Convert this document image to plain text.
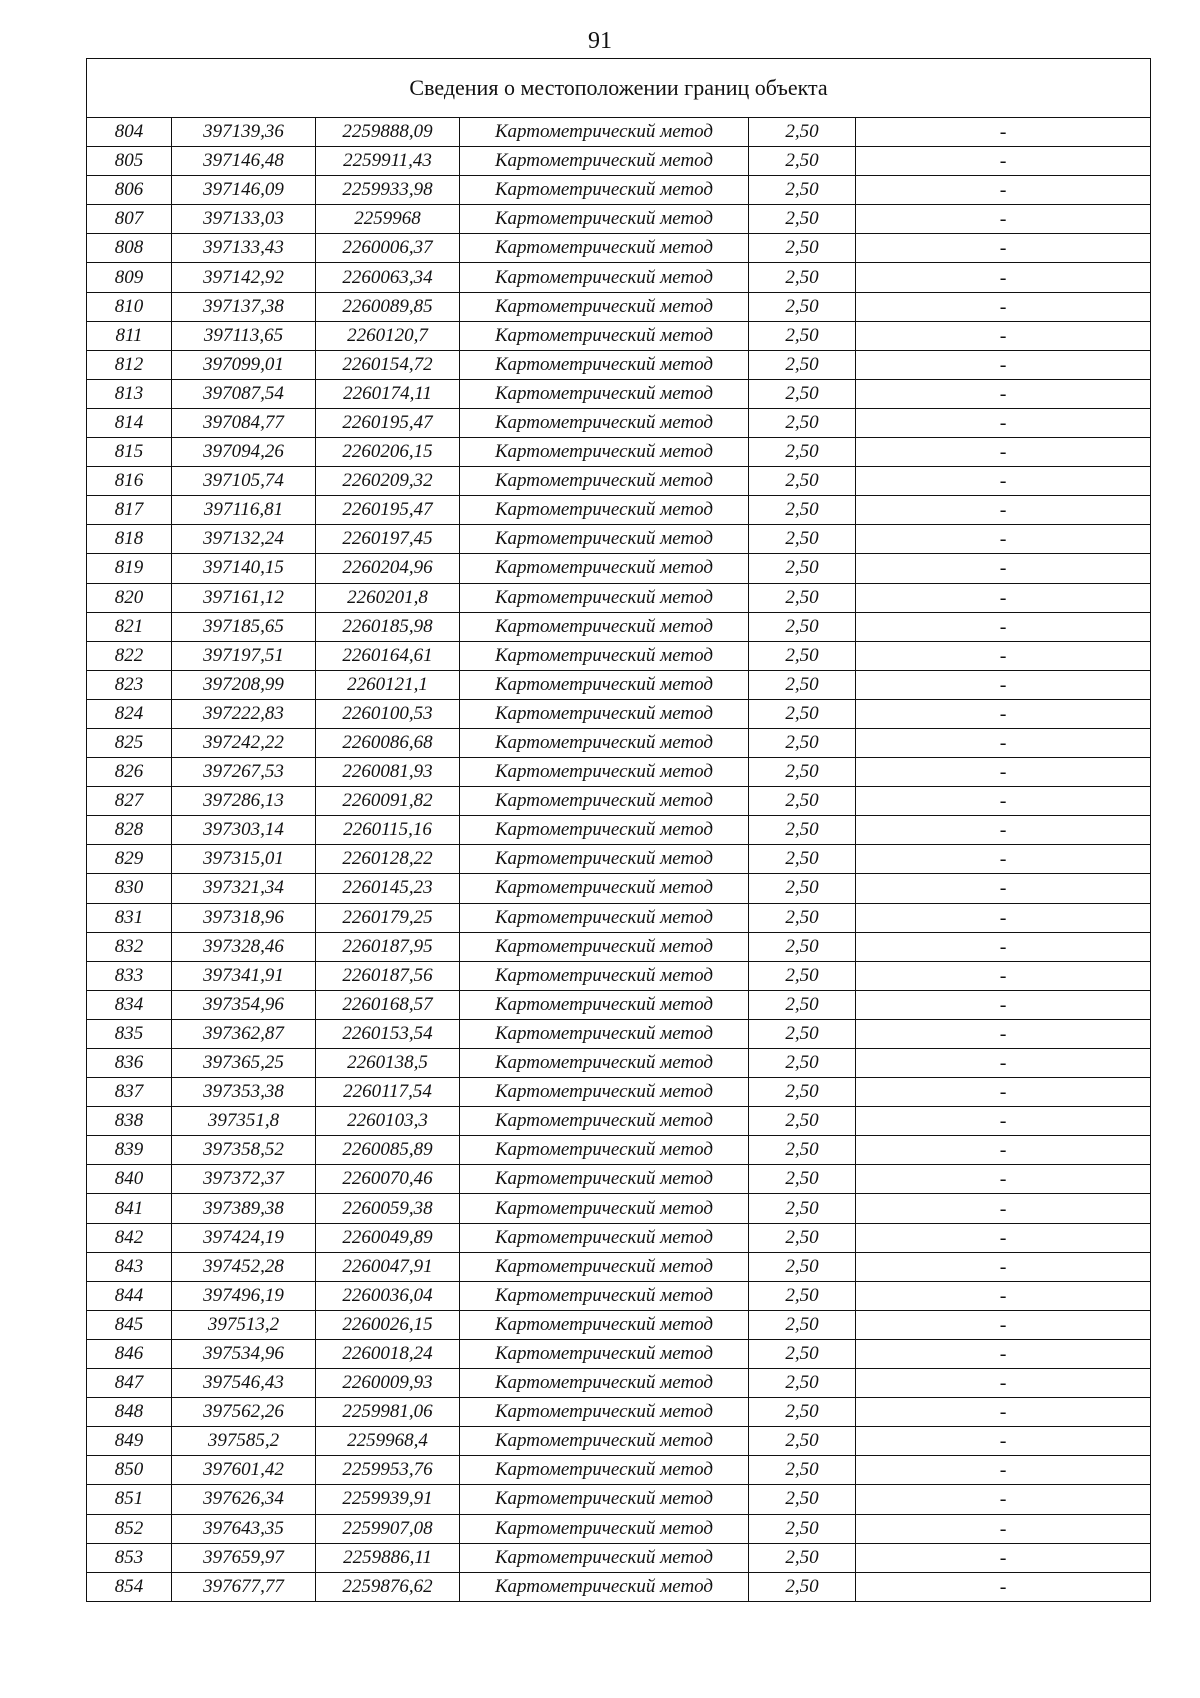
91
Сведения о местоположении границ объекта					
804	397139,36	2259888,09	Картометрический метод	2,50	-
805	397146,48	2259911,43	Картометрический метод	2,50	-
806	397146,09	2259933,98	Картометрический метод	2,50	-
807	397133,03	2259968	Картометрический метод	2,50	-
808	397133,43	2260006,37	Картометрический метод	2,50	-
809	397142,92	2260063,34	Картометрический метод	2,50	-
810	397137,38	2260089,85	Картометрический метод	2,50	-
811	397113,65	2260120,7	Картометрический метод	2,50	-
812	397099,01	2260154,72	Картометрический метод	2,50	-
813	397087,54	2260174,11	Картометрический метод	2,50	-
814	397084,77	2260195,47	Картометрический метод	2,50	-
815	397094,26	2260206,15	Картометрический метод	2,50	-
816	397105,74	2260209,32	Картометрический метод	2,50	-
817	397116,81	2260195,47	Картометрический метод	2,50	-
818	397132,24	2260197,45	Картометрический метод	2,50	-
819	397140,15	2260204,96	Картометрический метод	2,50	-
820	397161,12	2260201,8	Картометрический метод	2,50	-
821	397185,65	2260185,98	Картометрический метод	2,50	-
822	397197,51	2260164,61	Картометрический метод	2,50	-
823	397208,99	2260121,1	Картометрический метод	2,50	-
824	397222,83	2260100,53	Картометрический метод	2,50	-
825	397242,22	2260086,68	Картометрический метод	2,50	-
826	397267,53	2260081,93	Картометрический метод	2,50	-
827	397286,13	2260091,82	Картометрический метод	2,50	-
828	397303,14	2260115,16	Картометрический метод	2,50	-
829	397315,01	2260128,22	Картометрический метод	2,50	-
830	397321,34	2260145,23	Картометрический метод	2,50	-
831	397318,96	2260179,25	Картометрический метод	2,50	-
832	397328,46	2260187,95	Картометрический метод	2,50	-
833	397341,91	2260187,56	Картометрический метод	2,50	-
834	397354,96	2260168,57	Картометрический метод	2,50	-
835	397362,87	2260153,54	Картометрический метод	2,50	-
836	397365,25	2260138,5	Картометрический метод	2,50	-
837	397353,38	2260117,54	Картометрический метод	2,50	-
838	397351,8	2260103,3	Картометрический метод	2,50	-
839	397358,52	2260085,89	Картометрический метод	2,50	-
840	397372,37	2260070,46	Картометрический метод	2,50	-
841	397389,38	2260059,38	Картометрический метод	2,50	-
842	397424,19	2260049,89	Картометрический метод	2,50	-
843	397452,28	2260047,91	Картометрический метод	2,50	-
844	397496,19	2260036,04	Картометрический метод	2,50	-
845	397513,2	2260026,15	Картометрический метод	2,50	-
846	397534,96	2260018,24	Картометрический метод	2,50	-
847	397546,43	2260009,93	Картометрический метод	2,50	-
848	397562,26	2259981,06	Картометрический метод	2,50	-
849	397585,2	2259968,4	Картометрический метод	2,50	-
850	397601,42	2259953,76	Картометрический метод	2,50	-
851	397626,34	2259939,91	Картометрический метод	2,50	-
852	397643,35	2259907,08	Картометрический метод	2,50	-
853	397659,97	2259886,11	Картометрический метод	2,50	-
854	397677,77	2259876,62	Картометрический метод	2,50	-
